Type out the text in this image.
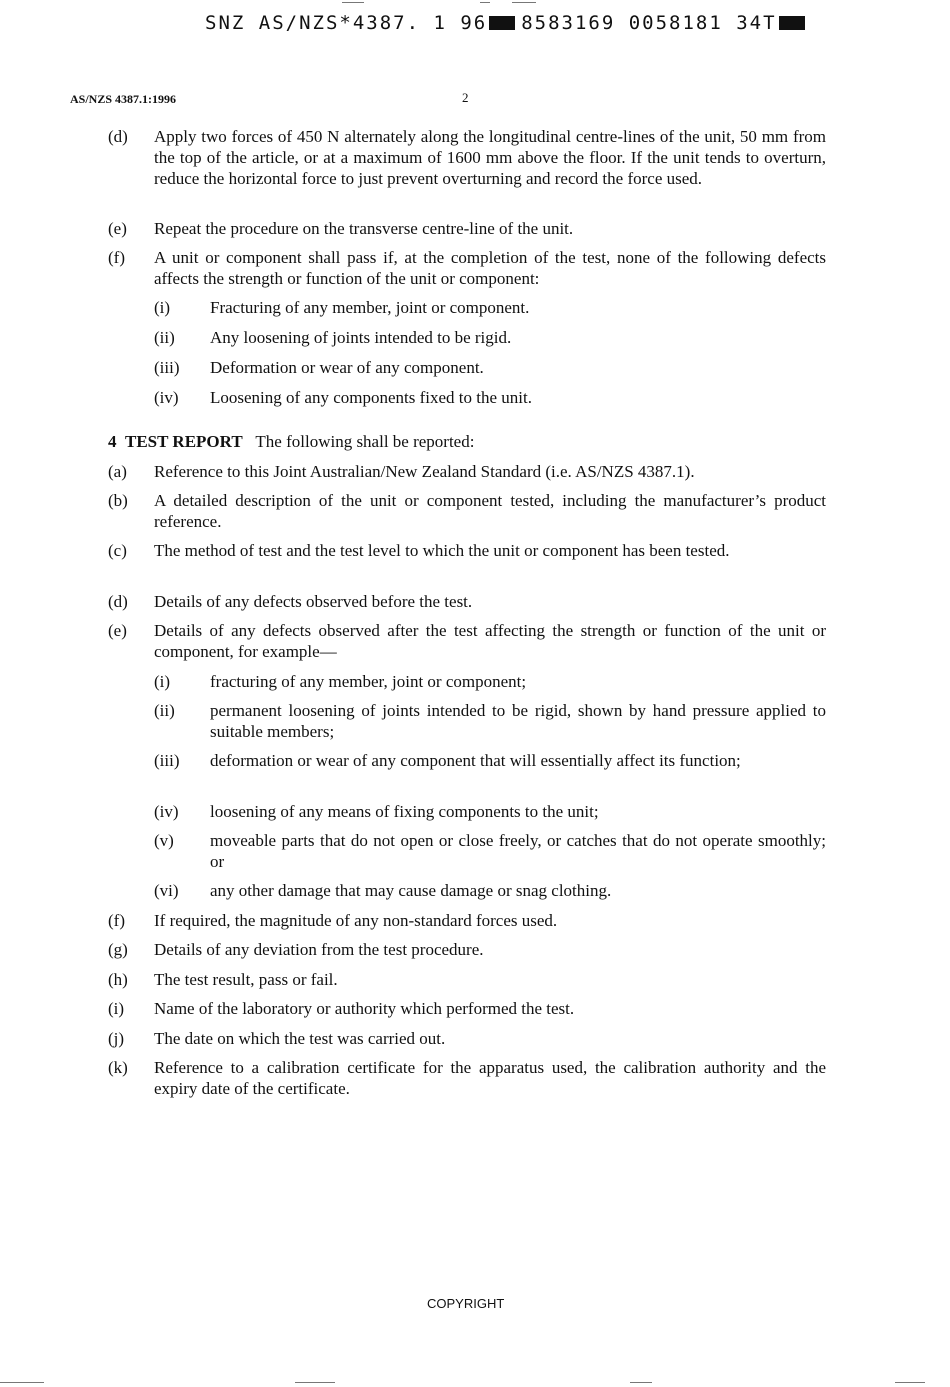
SNZ AS/NZS*4387. 1 96 8583169 0058181 34T
AS/NZS 4387.1:1996	2
(d) Apply two forces of 450 N alternately along the longitudinal centre-lines of the unit, 50 mm from the top of the article, or at a maximum of 1600 mm above the floor. If the unit tends to overturn, reduce the horizontal force to just prevent overturning and record the force used.
(e) Repeat the procedure on the transverse centre-line of the unit.
(f) A unit or component shall pass if, at the completion of the test, none of the following defects affects the strength or function of the unit or component:
(i) Fracturing of any member, joint or component.
(ii) Any loosening of joints intended to be rigid.
(iii) Deformation or wear of any component.
(iv) Loosening of any components fixed to the unit.
4 TEST REPORT The following shall be reported:
(a) Reference to this Joint Australian/New Zealand Standard (i.e. AS/NZS 4387.1).
(b) A detailed description of the unit or component tested, including the manufacturer’s product reference.
(c) The method of test and the test level to which the unit or component has been tested.
(d) Details of any defects observed before the test.
(e) Details of any defects observed after the test affecting the strength or function of the unit or component, for example—
(i) fracturing of any member, joint or component;
(ii) permanent loosening of joints intended to be rigid, shown by hand pressure applied to suitable members;
(iii) deformation or wear of any component that will essentially affect its function;
(iv) loosening of any means of fixing components to the unit;
(v) moveable parts that do not open or close freely, or catches that do not operate smoothly; or
(vi) any other damage that may cause damage or snag clothing.
(f) If required, the magnitude of any non-standard forces used.
(g) Details of any deviation from the test procedure.
(h) The test result, pass or fail.
(i) Name of the laboratory or authority which performed the test.
(j) The date on which the test was carried out.
(k) Reference to a calibration certificate for the apparatus used, the calibration authority and the expiry date of the certificate.
COPYRIGHT
